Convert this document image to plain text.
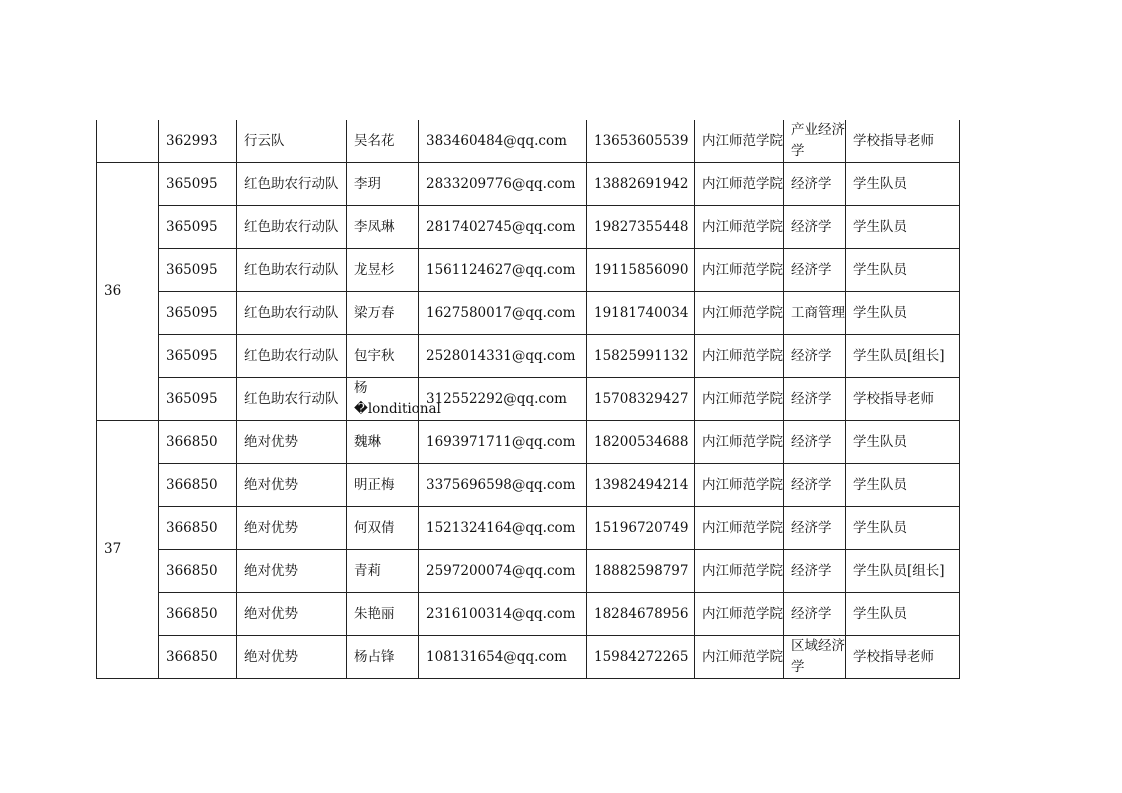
	362993	行云队	吴名花	383460484@qq.com	13653605539	内江师范学院	产业经济学	学校指导老师
36	365095	红色助农行动队	李玥	2833209776@qq.com	13882691942	内江师范学院	经济学	学生队员
	365095	红色助农行动队	李凤琳	2817402745@qq.com	19827355448	内江师范学院	经济学	学生队员
	365095	红色助农行动队	龙昱杉	1561124627@qq.com	19115856090	内江师范学院	经济学	学生队员
	365095	红色助农行动队	梁万春	1627580017@qq.com	19181740034	内江师范学院	工商管理	学生队员
	365095	红色助农行动队	包宇秋	2528014331@qq.com	15825991132	内江师范学院	经济学	学生队员[组长]
	365095	红色助农行动队	杨�londitional	312552292@qq.com	15708329427	内江师范学院	经济学	学校指导老师
37	366850	绝对优势	魏琳	1693971711@qq.com	18200534688	内江师范学院	经济学	学生队员
	366850	绝对优势	明正梅	3375696598@qq.com	13982494214	内江师范学院	经济学	学生队员
	366850	绝对优势	何双倩	1521324164@qq.com	15196720749	内江师范学院	经济学	学生队员
	366850	绝对优势	青莉	2597200074@qq.com	18882598797	内江师范学院	经济学	学生队员[组长]
	366850	绝对优势	朱艳丽	2316100314@qq.com	18284678956	内江师范学院	经济学	学生队员
	366850	绝对优势	杨占锋	108131654@qq.com	15984272265	内江师范学院	区域经济学	学校指导老师
